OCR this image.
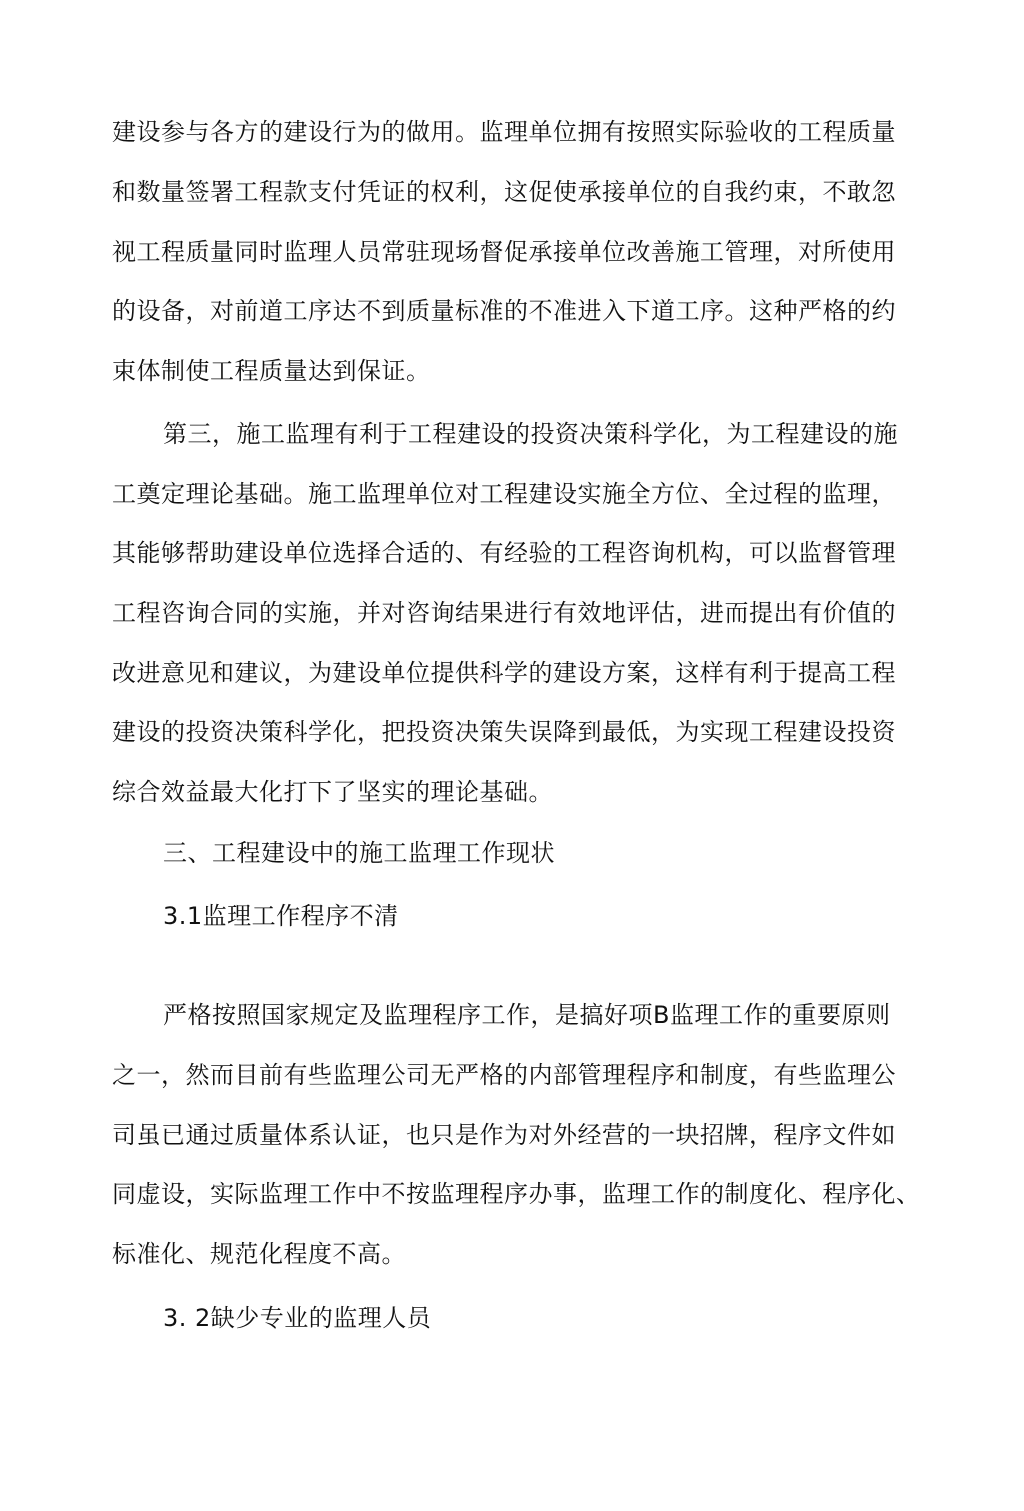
建设参与各方的建设行为的做用。监理单位拥有按照实际验收的工程质量
和数量签署工程款支付凭证的权利，这促使承接单位的自我约束，不敢忽
视工程质量同时监理人员常驻现场督促承接单位改善施工管理，对所使用
的设备，对前道工序达不到质量标准的不准进入下道工序。这种严格的约
束体制使工程质量达到保证。
第三，施工监理有利于工程建设的投资决策科学化，为工程建设的施
工奠定理论基础。施工监理单位对工程建设实施全方位、全过程的监理，
其能够帮助建设单位选择合适的、有经验的工程咨询机构，可以监督管理
工程咨询合同的实施，并对咨询结果进行有效地评估，进而提出有价值的
改进意见和建议，为建设单位提供科学的建设方案，这样有利于提高工程
建设的投资决策科学化，把投资决策失误降到最低，为实现工程建设投资
综合效益最大化打下了坚实的理论基础。
三、工程建设中的施工监理工作现状
3.1监理工作程序不清
严格按照国家规定及监理程序工作，是搞好项B监理工作的重要原则
之一，然而目前有些监理公司无严格的内部管理程序和制度，有些监理公
司虽已通过质量体系认证，也只是作为对外经营的一块招牌，程序文件如
同虚设，实际监理工作中不按监理程序办事，监理工作的制度化、程序化、
标准化、规范化程度不高。
3. 2缺少专业的监理人员
